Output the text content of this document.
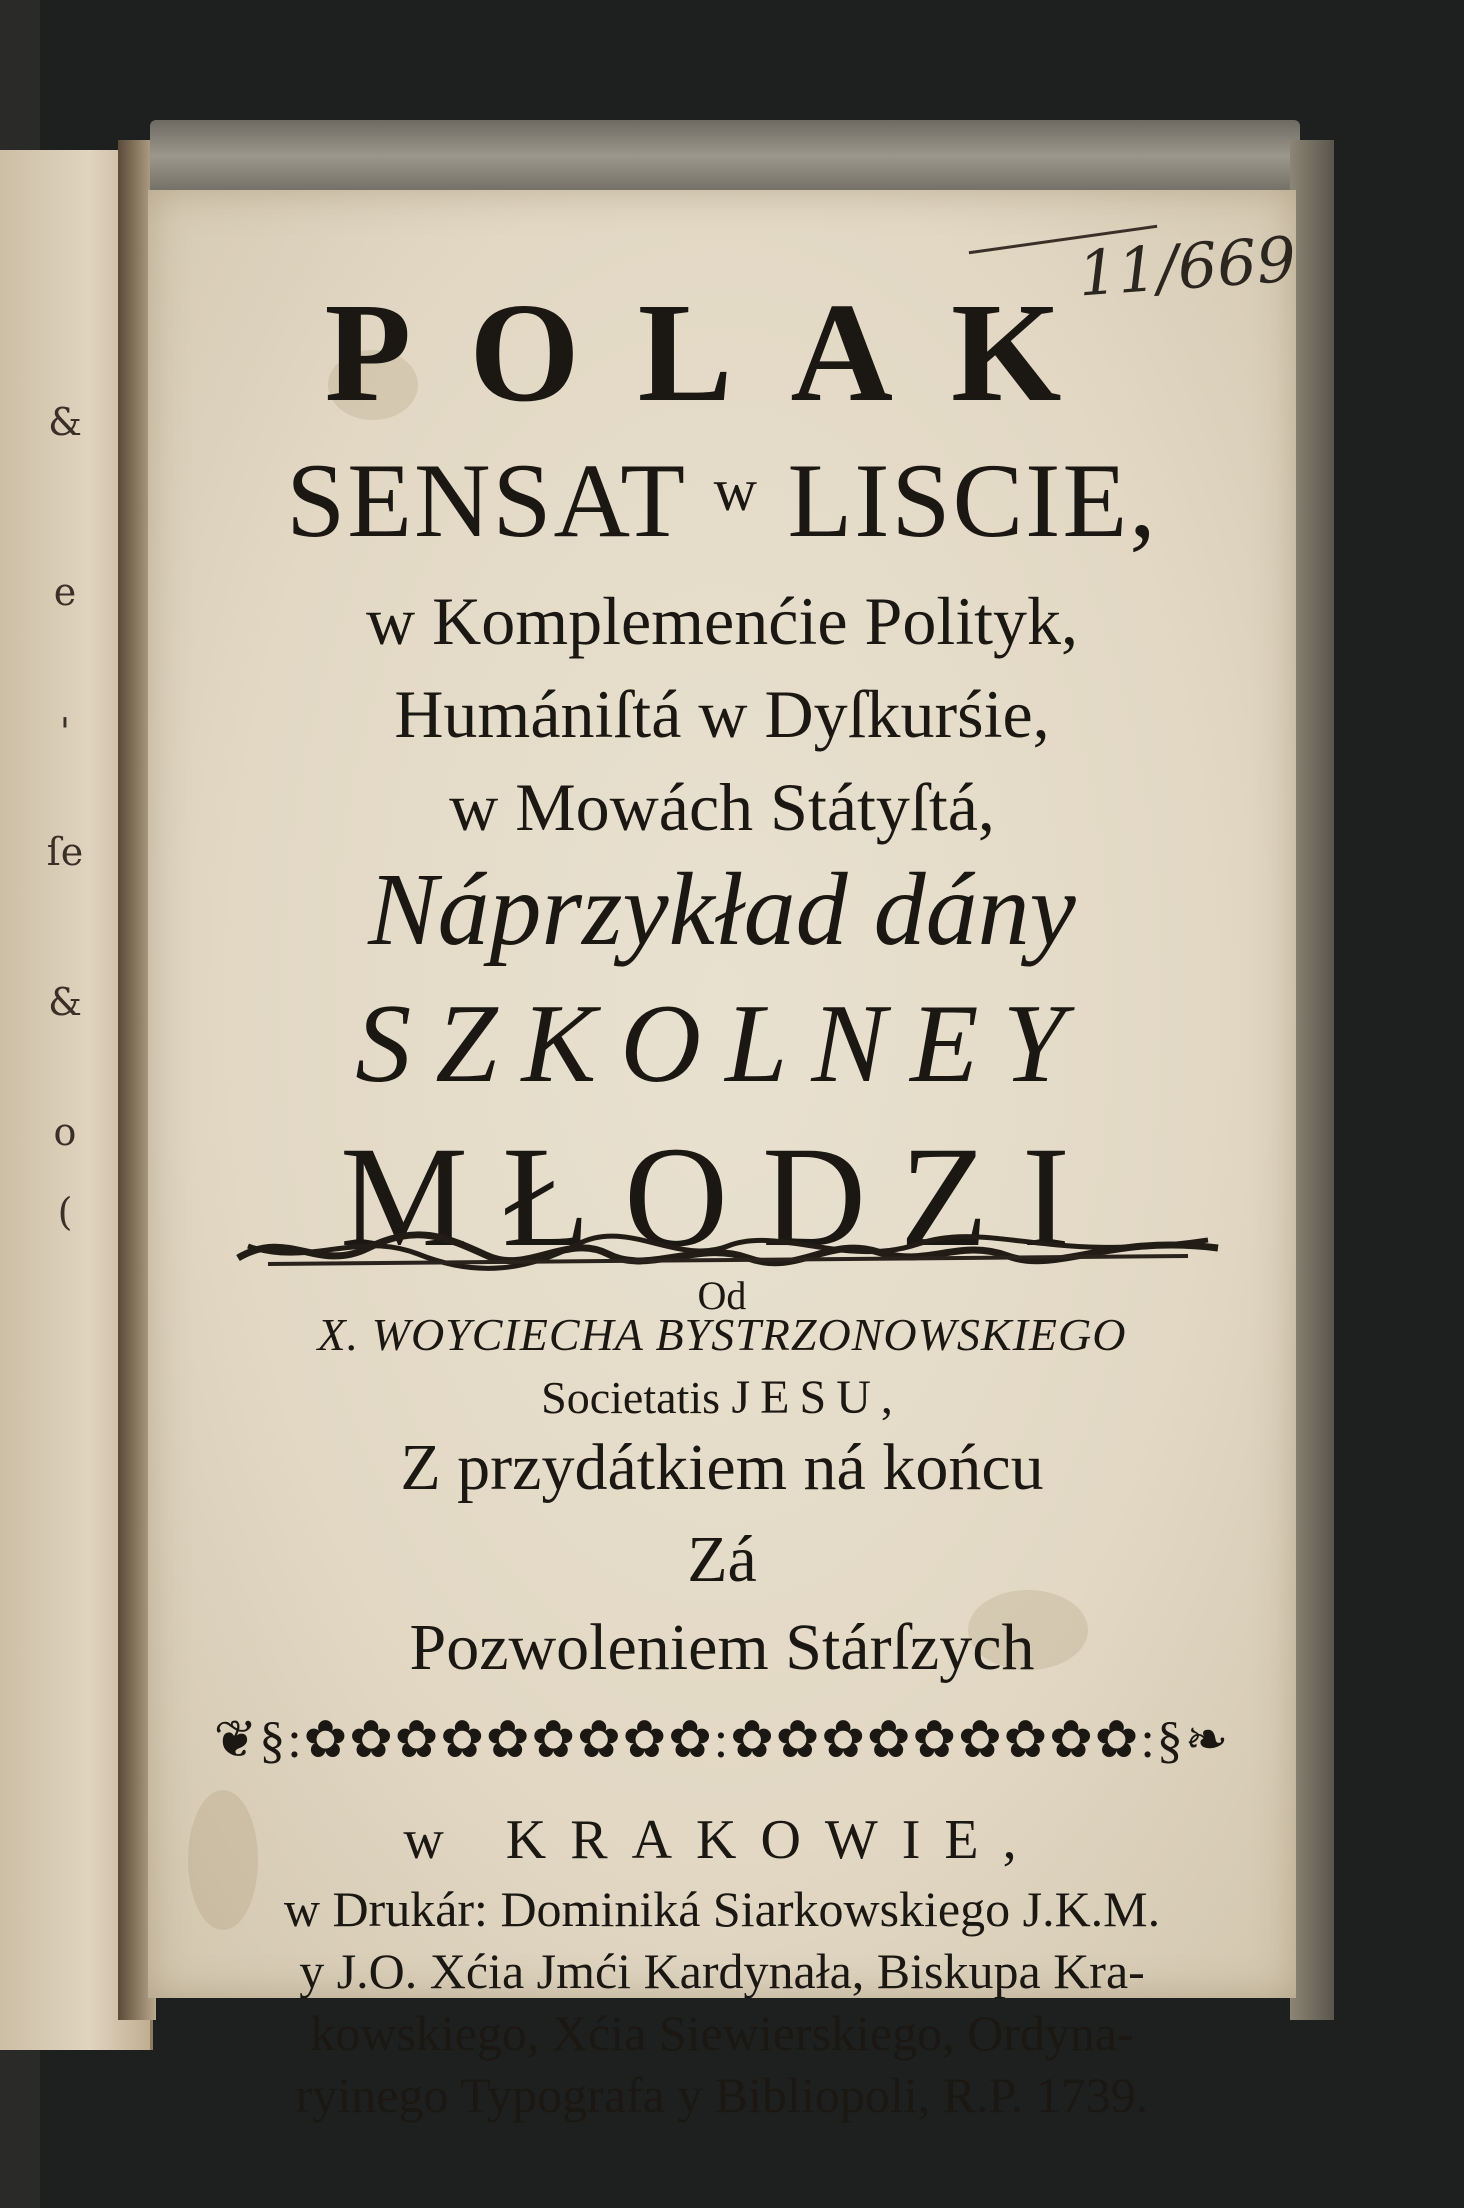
&
e
'
ſe
&
o
(
11/669
POLAK
SENSAT $^w$ LISCIE,
w Komplemenćie Polityk,
Humániſtá w Dyſkurśie,
w Mowách Státyſtá,
Náprzykład dány
SZKOLNEY
MŁODZI
Od
X. WOYCIECHA BYSTRZONOWSKIEGO
Societatis JESU,
Z przydátkiem ná końcu
Zá
Pozwoleniem Stárſzych
❦§:✿✿✿✿✿✿✿✿✿:✿✿✿✿✿✿✿✿✿:§❧
w KRAKOWIE,
w Drukár: Dominiká Siarkowskiego J.K.M.
y J.O. Xćia Jmći Kardynała, Biskupa Kra-
kowskiego, Xćia Siewierskiego, Ordyna-
ryinego Typografa y Bibliopoli, R.P. 1739.
